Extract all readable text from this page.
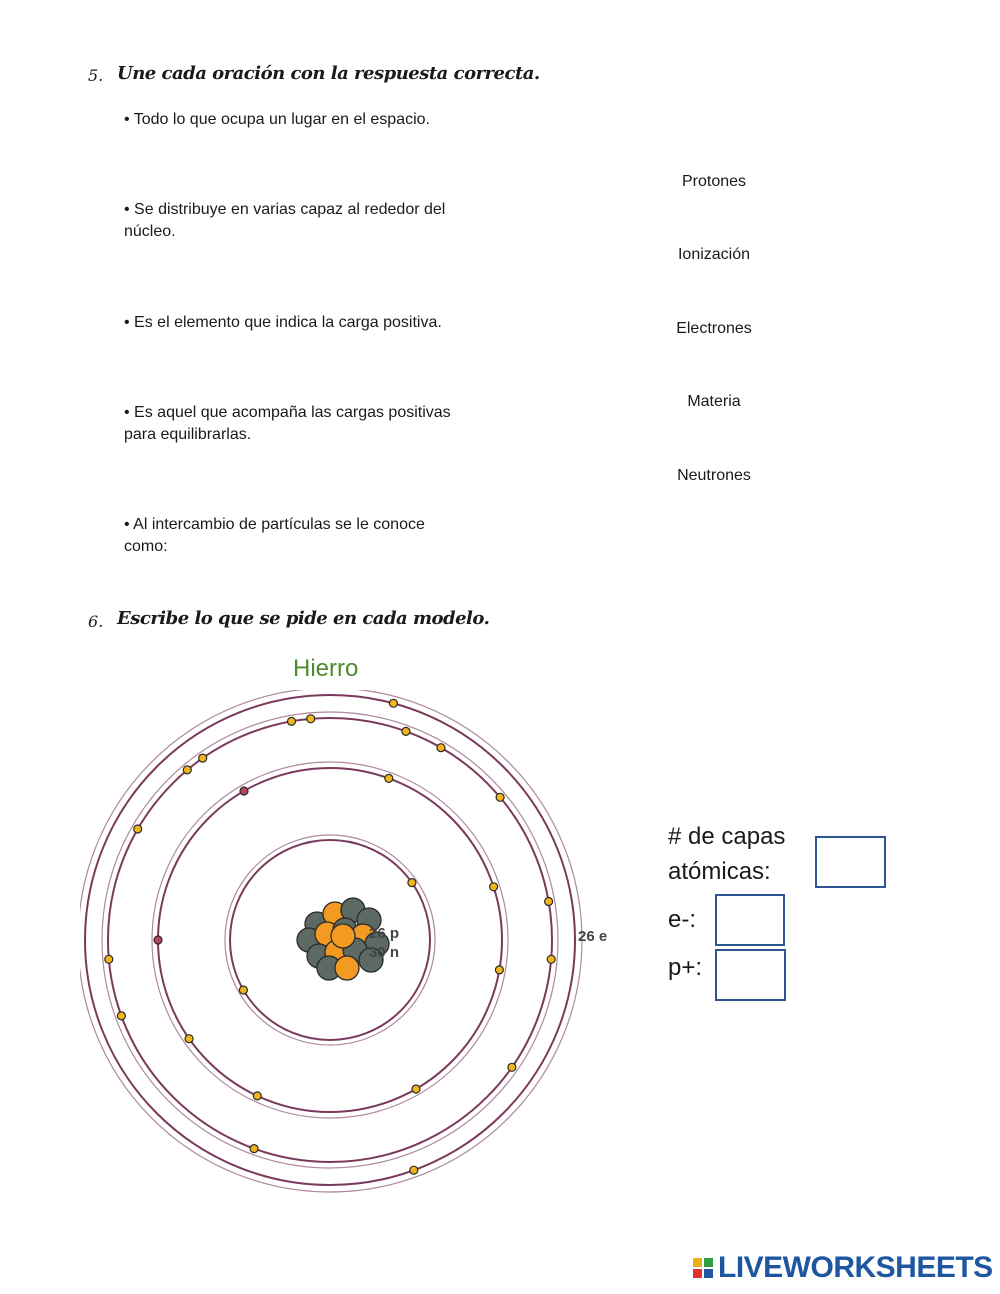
5. Une cada oración con la respuesta correcta.
• Todo lo que ocupa un lugar en el espacio.
• Se distribuye en varias capaz al rededor del núcleo.
• Es el elemento que indica la carga positiva.
• Es aquel que acompaña las cargas positivas para equilibrarlas.
• Al intercambio de partículas se le conoce como:
Protones
Ionización
Electrones
Materia
Neutrones
6. Escribe lo que se pide en cada modelo.
Hierro
26 p
30 n
26 e
# de capas
atómicas:
e-:
p+:
LIVEWORKSHEETS
